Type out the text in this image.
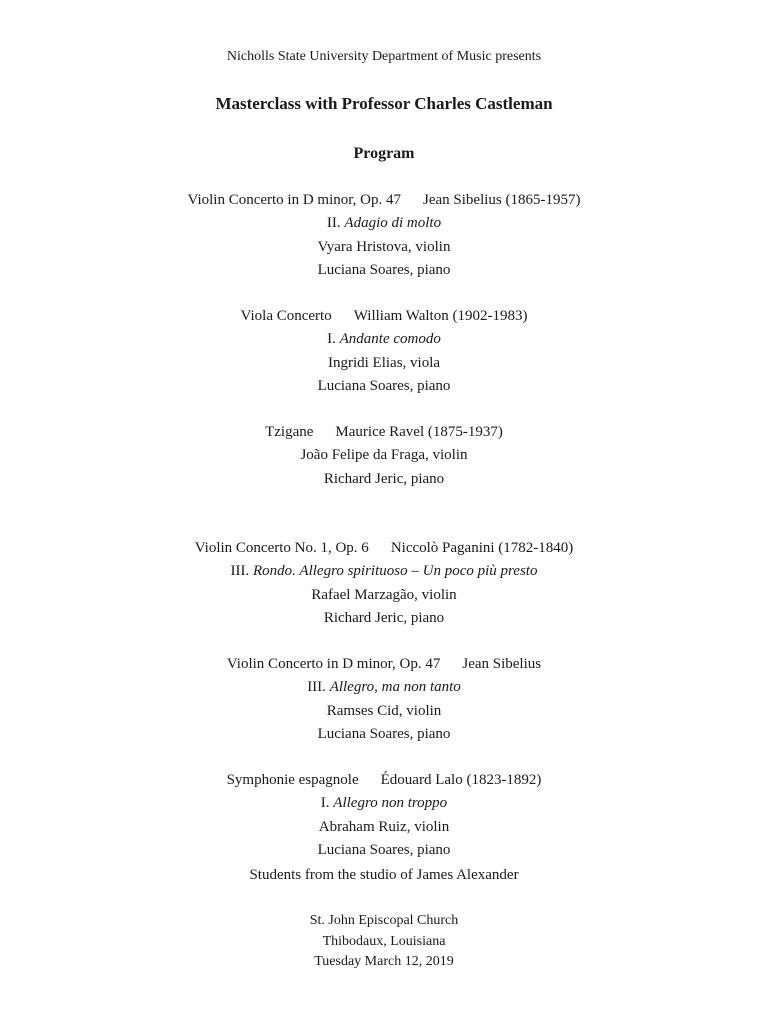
Nicholls State University Department of Music presents
Masterclass with Professor Charles Castleman
Program
Violin Concerto in D minor, Op. 47 Jean Sibelius (1865-1957)
II. Adagio di molto
Vyara Hristova, violin
Luciana Soares, piano
Viola Concerto William Walton (1902-1983)
I. Andante comodo
Ingridi Elias, viola
Luciana Soares, piano
Tzigane Maurice Ravel (1875-1937)
João Felipe da Fraga, violin
Richard Jeric, piano
Violin Concerto No. 1, Op. 6 Niccolò Paganini (1782-1840)
III. Rondo. Allegro spirituoso – Un poco più presto
Rafael Marzagão, violin
Richard Jeric, piano
Violin Concerto in D minor, Op. 47 Jean Sibelius
III. Allegro, ma non tanto
Ramses Cid, violin
Luciana Soares, piano
Symphonie espagnole Édouard Lalo (1823-1892)
I. Allegro non troppo
Abraham Ruiz, violin
Luciana Soares, piano
Students from the studio of James Alexander
St. John Episcopal Church
Thibodaux, Louisiana
Tuesday March 12, 2019
